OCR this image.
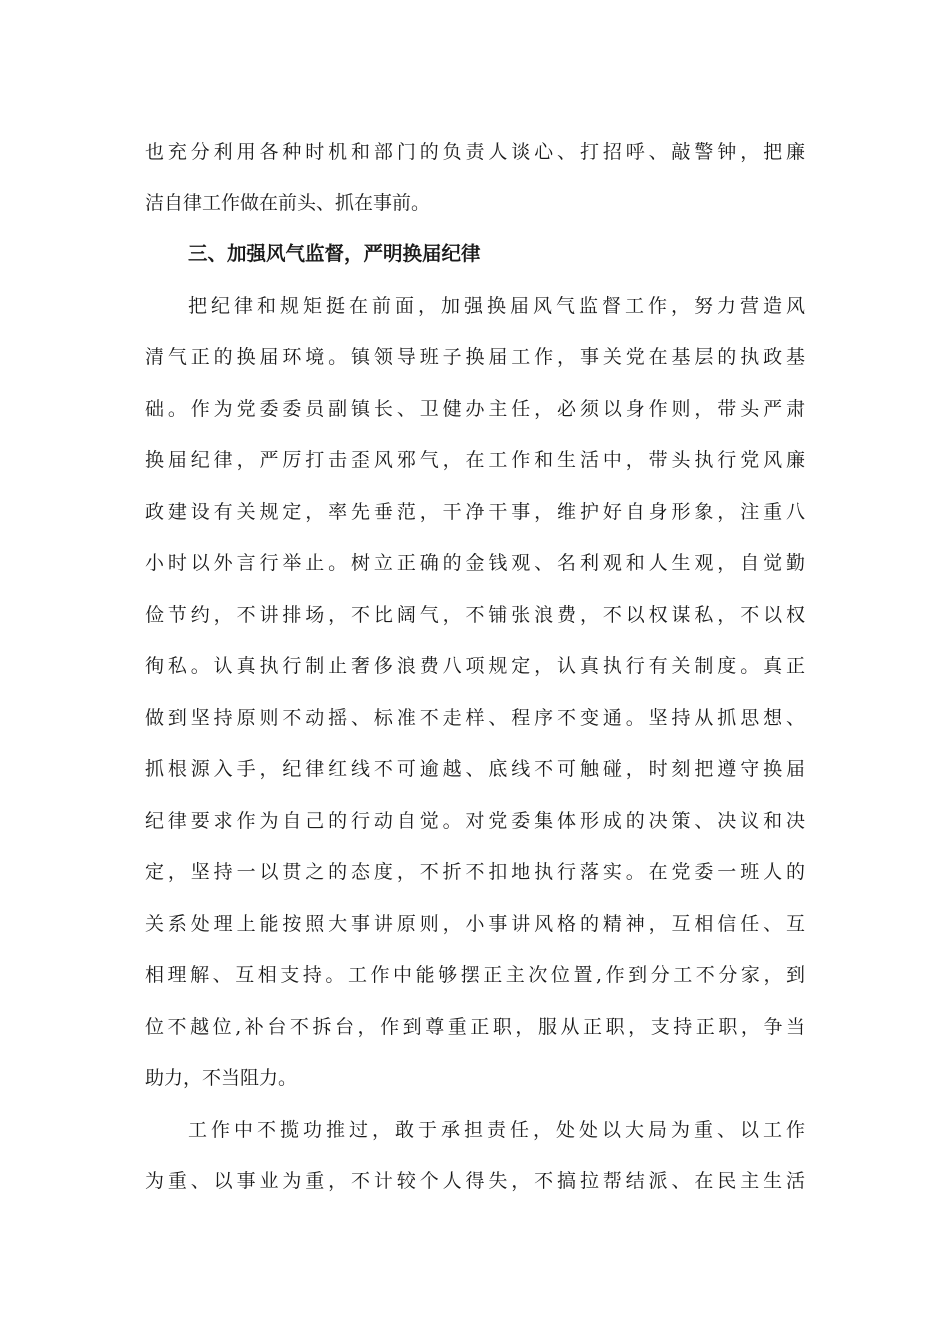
也充分利用各种时机和部门的负责人谈心、打招呼、敲警钟，把廉
洁自律工作做在前头、抓在事前。
三、加强风气监督，严明换届纪律
把纪律和规矩挺在前面，加强换届风气监督工作，努力营造风
清气正的换届环境。镇领导班子换届工作，事关党在基层的执政基
础。作为党委委员副镇长、卫健办主任，必须以身作则，带头严肃
换届纪律，严厉打击歪风邪气，在工作和生活中，带头执行党风廉
政建设有关规定，率先垂范，干净干事，维护好自身形象，注重八
小时以外言行举止。树立正确的金钱观、名利观和人生观，自觉勤
俭节约，不讲排场，不比阔气，不铺张浪费，不以权谋私，不以权
徇私。认真执行制止奢侈浪费八项规定，认真执行有关制度。真正
做到坚持原则不动摇、标准不走样、程序不变通。坚持从抓思想、
抓根源入手，纪律红线不可逾越、底线不可触碰，时刻把遵守换届
纪律要求作为自己的行动自觉。对党委集体形成的决策、决议和决
定，坚持一以贯之的态度，不折不扣地执行落实。在党委一班人的
关系处理上能按照大事讲原则，小事讲风格的精神，互相信任、互
相理解、互相支持。工作中能够摆正主次位置,作到分工不分家，到
位不越位,补台不拆台，作到尊重正职，服从正职，支持正职，争当
助力，不当阻力。
工作中不揽功推过，敢于承担责任，处处以大局为重、以工作
为重、以事业为重，不计较个人得失，不搞拉帮结派、在民主生活
